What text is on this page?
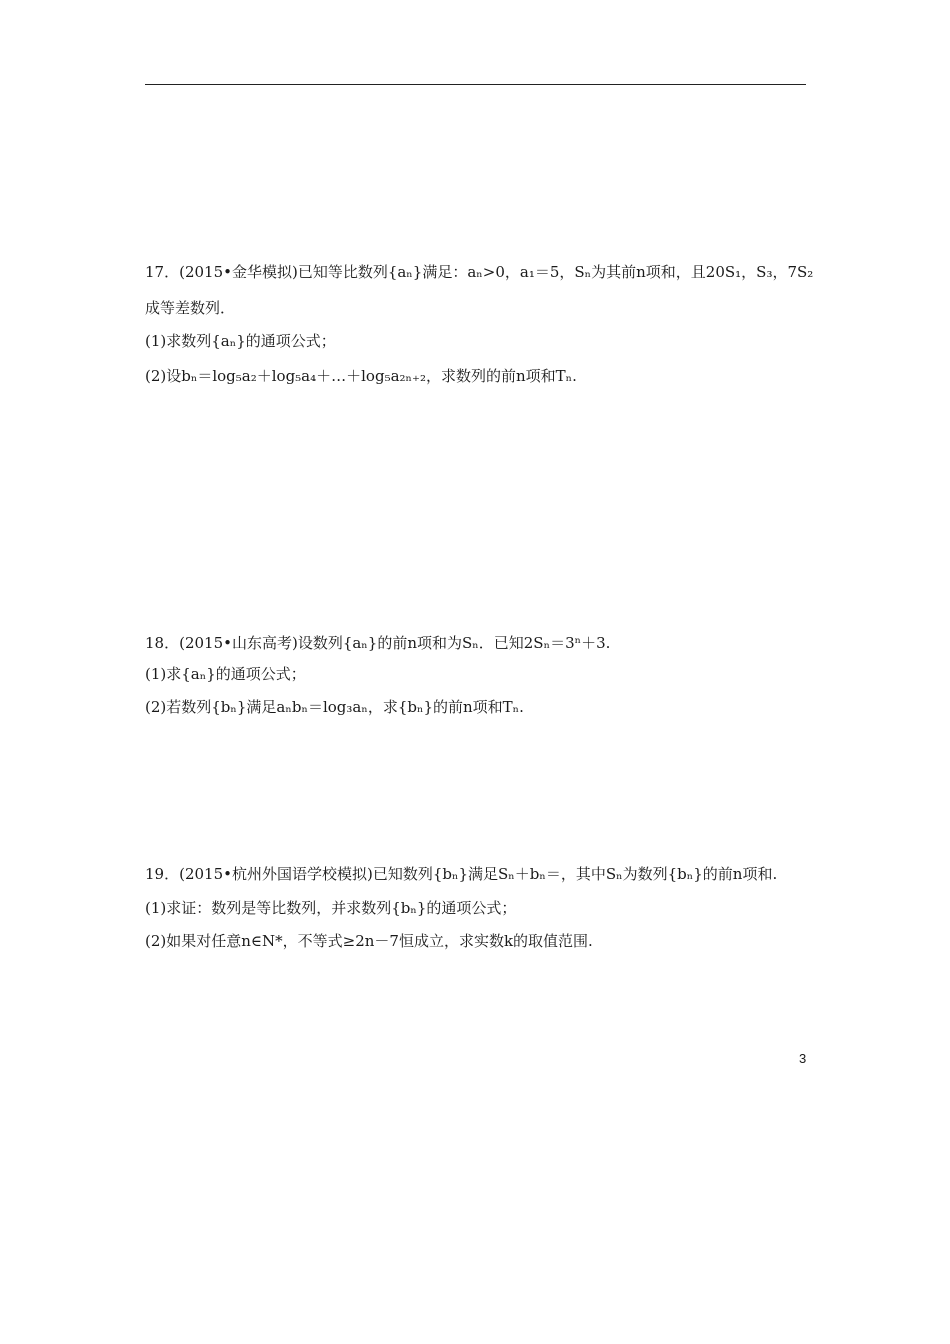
17．(2015•金华模拟)已知等比数列{aₙ}满足：aₙ>0，a₁＝5，Sₙ为其前n项和，且20S₁，S₃，7S₂
成等差数列．
(1)求数列{aₙ}的通项公式；
(2)设bₙ＝log₅a₂＋log₅a₄＋…＋log₅a₂ₙ₊₂，求数列的前n项和Tₙ.
18．(2015•山东高考)设数列{aₙ}的前n项和为Sₙ．已知2Sₙ＝3ⁿ＋3.
(1)求{aₙ}的通项公式；
(2)若数列{bₙ}满足aₙbₙ＝log₃aₙ，求{bₙ}的前n项和Tₙ.
19．(2015•杭州外国语学校模拟)已知数列{bₙ}满足Sₙ＋bₙ＝，其中Sₙ为数列{bₙ}的前n项和.
(1)求证：数列是等比数列，并求数列{bₙ}的通项公式；
(2)如果对任意n∈N*，不等式≥2n－7恒成立，求实数k的取值范围.
3
